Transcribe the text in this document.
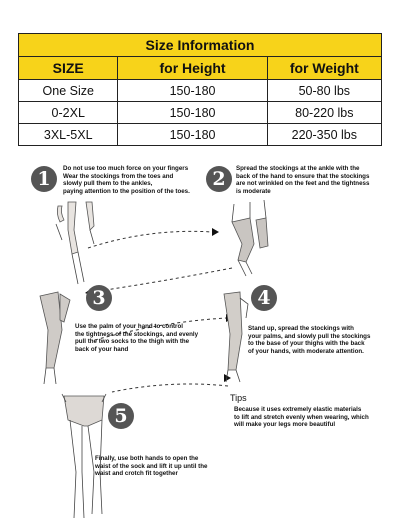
Size Information
SIZE	for Height	for Weight
One Size	150-180	50-80 lbs
0-2XL	150-180	80-220 lbs
3XL-5XL	150-180	220-350 lbs
1	Do not use too much force on your fingers
Wear the stockings from the toes and
slowly pull them to the ankles,
paying attention to the position of the toes.
2	Spread the stockings at the ankle with the
back of the hand to ensure that the stockings
are not wrinkled on the feet and the tightness
is moderate
3
Use the palm of your hand to control
the tightness of the stockings, and evenly
pull the two socks to the thigh with the
back of your hand
4
Stand up, spread the stockings with
your palms, and slowly pull the stockings
to the base of your thighs with the back
of your hands, with moderate attention.
Tips
Because it uses extremely elastic materials
to lift and stretch evenly when wearing, which
will make your legs more beautiful
5
Finally, use both hands to open the
waist of the sock and lift it up until the
waist and crotch fit together
